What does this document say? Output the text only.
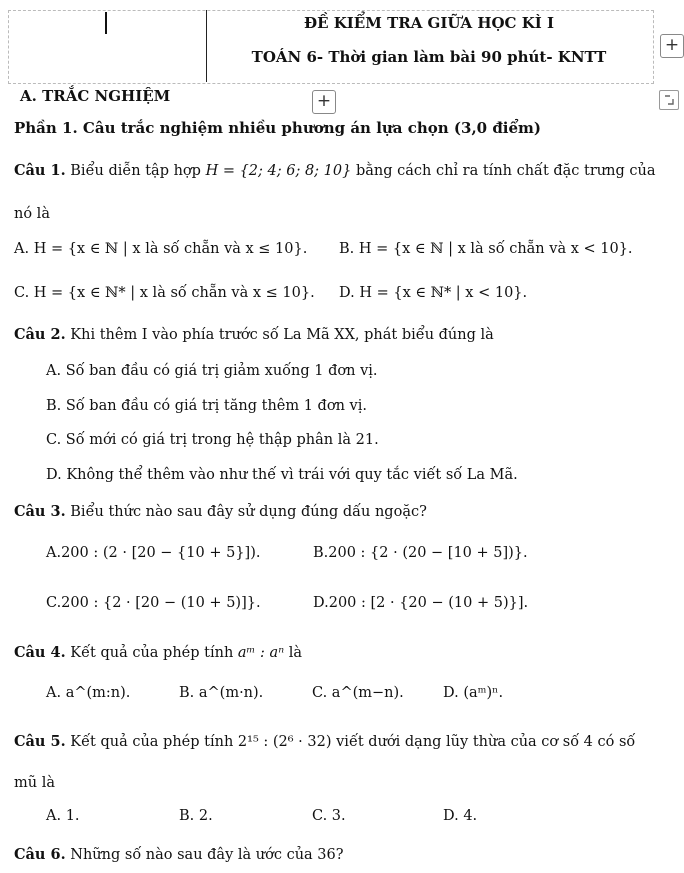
ĐỀ KIỂM TRA GIỮA HỌC KÌ I
TOÁN 6- Thời gian làm bài 90 phút- KNTT
+
A. TRẮC NGHIỆM	+
Phần 1. Câu trắc nghiệm nhiều phương án lựa chọn (3,0 điểm)
Câu 1. Biểu diễn tập hợp H = {2; 4; 6; 8; 10} bằng cách chỉ ra tính chất đặc trưng của
nó là
A. H = {x ∈ ℕ | x là số chẵn và x ≤ 10}. B. H = {x ∈ ℕ | x là số chẵn và x < 10}.
C. H = {x ∈ ℕ* | x là số chẵn và x ≤ 10}. D. H = {x ∈ ℕ* | x < 10}.
Câu 2. Khi thêm I vào phía trước số La Mã XX, phát biểu đúng là
A. Số ban đầu có giá trị giảm xuống 1 đơn vị.
B. Số ban đầu có giá trị tăng thêm 1 đơn vị.
C. Số mới có giá trị trong hệ thập phân là 21.
D. Không thể thêm vào như thế vì trái với quy tắc viết số La Mã.
Câu 3. Biểu thức nào sau đây sử dụng đúng dấu ngoặc?
A.200 : (2 · [20 − {10 + 5}]).	B.200 : {2 · (20 − [10 + 5])}.
C.200 : {2 · [20 − (10 + 5)]}.	D.200 : [2 · {20 − (10 + 5)}].
Câu 4. Kết quả của phép tính aᵐ : aⁿ là
A. a^(m:n).	B. a^(m·n).	C. a^(m−n).	D. (aᵐ)ⁿ.
Câu 5. Kết quả của phép tính 2¹⁵ : (2⁶ · 32) viết dưới dạng lũy thừa của cơ số 4 có số
mũ là
A. 1.	B. 2.	C. 3.	D. 4.
Câu 6. Những số nào sau đây là ước của 36?
